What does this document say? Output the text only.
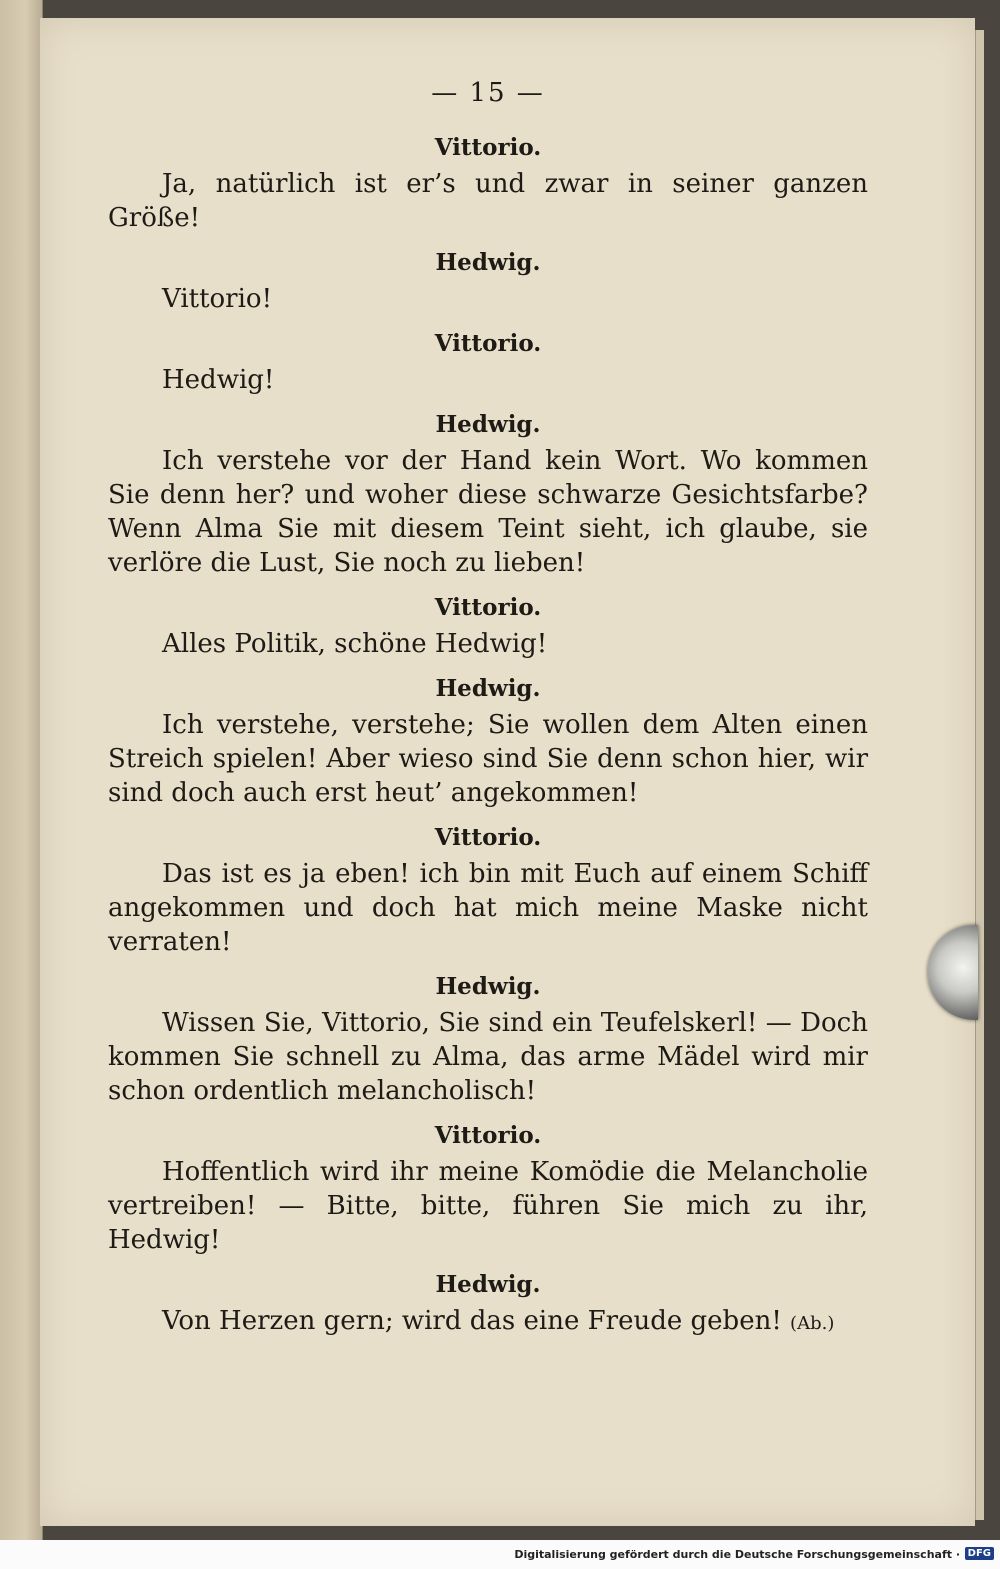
— 15 —
Vittorio.

Ja, natürlich ist er’s und zwar in seiner ganzen Größe!

Hedwig.

Vittorio!

Vittorio.

Hedwig!

Hedwig.

Ich verstehe vor der Hand kein Wort. Wo kommen Sie denn her? und woher diese schwarze Gesichtsfarbe? Wenn Alma Sie mit diesem Teint sieht, ich glaube, sie verlöre die Lust, Sie noch zu lieben!

Vittorio.

Alles Politik, schöne Hedwig!

Hedwig.

Ich verstehe, verstehe; Sie wollen dem Alten einen Streich spielen! Aber wieso sind Sie denn schon hier, wir sind doch auch erst heut’ angekommen!

Vittorio.

Das ist es ja eben! ich bin mit Euch auf einem Schiff angekommen und doch hat mich meine Maske nicht verraten!

Hedwig.

Wissen Sie, Vittorio, Sie sind ein Teufelskerl! — Doch kommen Sie schnell zu Alma, das arme Mädel wird mir schon ordentlich melancholisch!

Vittorio.

Hoffentlich wird ihr meine Komödie die Melancholie vertreiben! — Bitte, bitte, führen Sie mich zu ihr, Hedwig!

Hedwig.

Von Herzen gern; wird das eine Freude geben! (Ab.)

Digitalisierung gefördert durch die Deutsche Forschungsgemeinschaft · DFG
